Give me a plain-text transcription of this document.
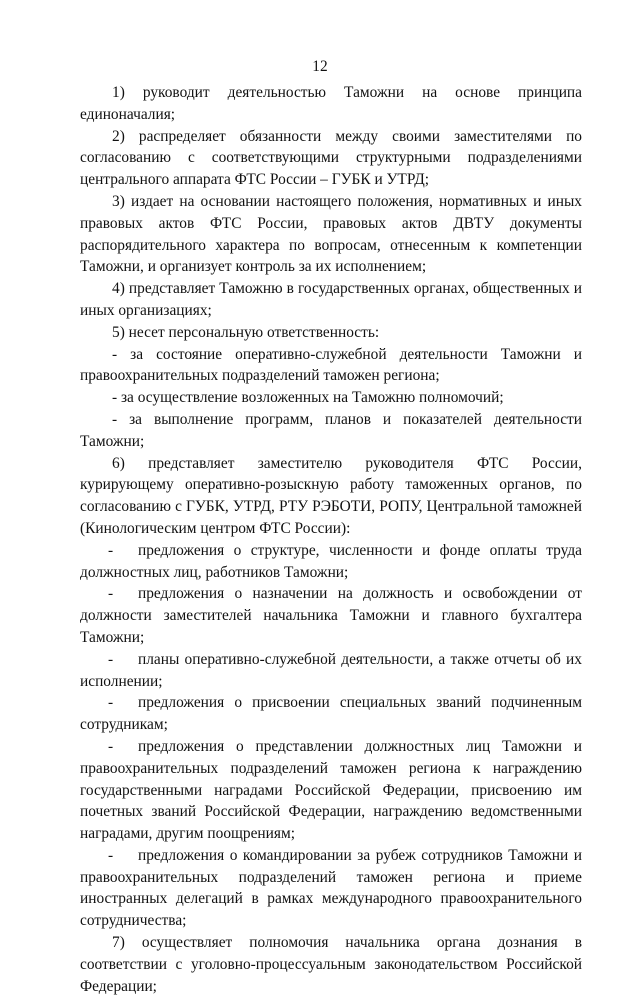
12

1) руководит деятельностью Таможни на основе принципа единоначалия;

2) распределяет обязанности между своими заместителями по согласованию с соответствующими структурными подразделениями центрального аппарата ФТС России – ГУБК и УТРД;

3) издает на основании настоящего положения, нормативных и иных правовых актов ФТС России, правовых актов ДВТУ документы распорядительного характера по вопросам, отнесенным к компетенции Таможни, и организует контроль за их исполнением;

4) представляет Таможню в государственных органах, общественных и иных организациях;

5) несет персональную ответственность:

- за состояние оперативно-служебной деятельности Таможни и правоохранительных подразделений таможен региона;

- за осуществление возложенных на Таможню полномочий;

- за выполнение программ, планов и показателей деятельности Таможни;

6) представляет заместителю руководителя ФТС России, курирующему оперативно-розыскную работу таможенных органов, по согласованию с ГУБК, УТРД, РТУ РЭБОТИ, РОПУ, Центральной таможней (Кинологическим центром ФТС России):

- предложения о структуре, численности и фонде оплаты труда должностных лиц, работников Таможни;

- предложения о назначении на должность и освобождении от должности заместителей начальника Таможни и главного бухгалтера Таможни;

- планы оперативно-служебной деятельности, а также отчеты об их исполнении;

- предложения о присвоении специальных званий подчиненным сотрудникам;

- предложения о представлении должностных лиц Таможни и правоохранительных подразделений таможен региона к награждению государственными наградами Российской Федерации, присвоению им почетных званий Российской Федерации, награждению ведомственными наградами, другим поощрениям;

- предложения о командировании за рубеж сотрудников Таможни и правоохранительных подразделений таможен региона и приеме иностранных делегаций в рамках международного правоохранительного сотрудничества;

7) осуществляет полномочия начальника органа дознания в соответствии с уголовно-процессуальным законодательством Российской Федерации;
